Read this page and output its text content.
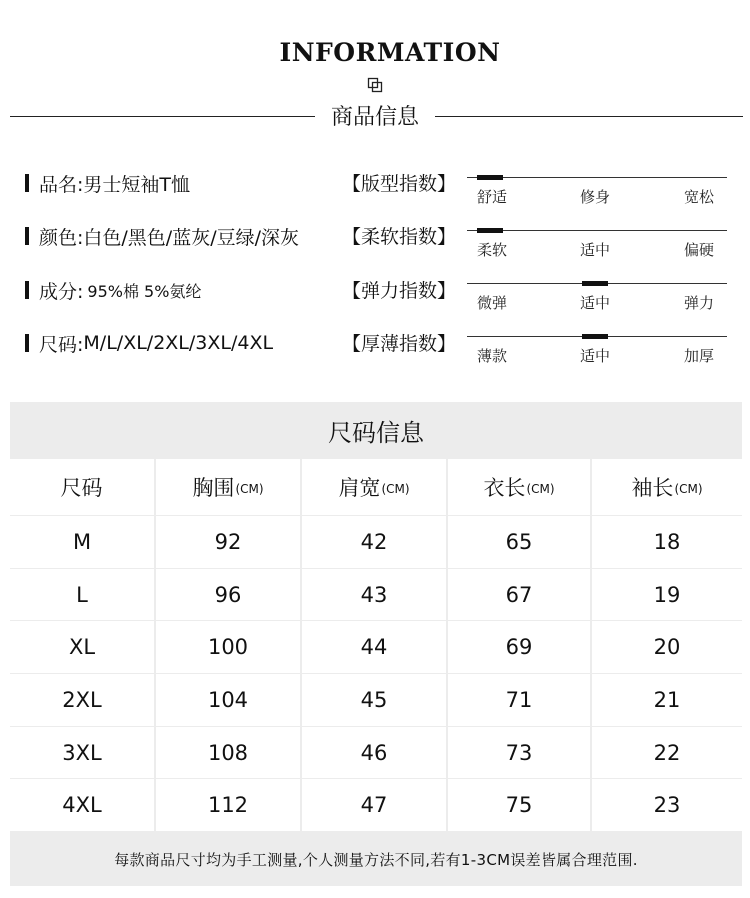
INFORMATION
商品信息
品名: 男士短袖T恤
颜色: 白色/黑色/蓝灰/豆绿/深灰
成分: 95%棉 5%氨纶
尺码: M/L/XL/2XL/3XL/4XL
【版型指数】
【柔软指数】
【弹力指数】
【厚薄指数】
舒适	修身	宽松
柔软	适中	偏硬
微弹	适中	弹力
薄款	适中	加厚
尺码信息
尺码	胸围 (CM)	肩宽 (CM)	衣长 (CM)	袖长 (CM)
M	92	42	65	18
L	96	43	67	19
XL	100	44	69	20
2XL	104	45	71	21
3XL	108	46	73	22
4XL	112	47	75	23
每款商品尺寸均为手工测量,个人测量方法不同,若有1-3CM误差皆属合理范围.
